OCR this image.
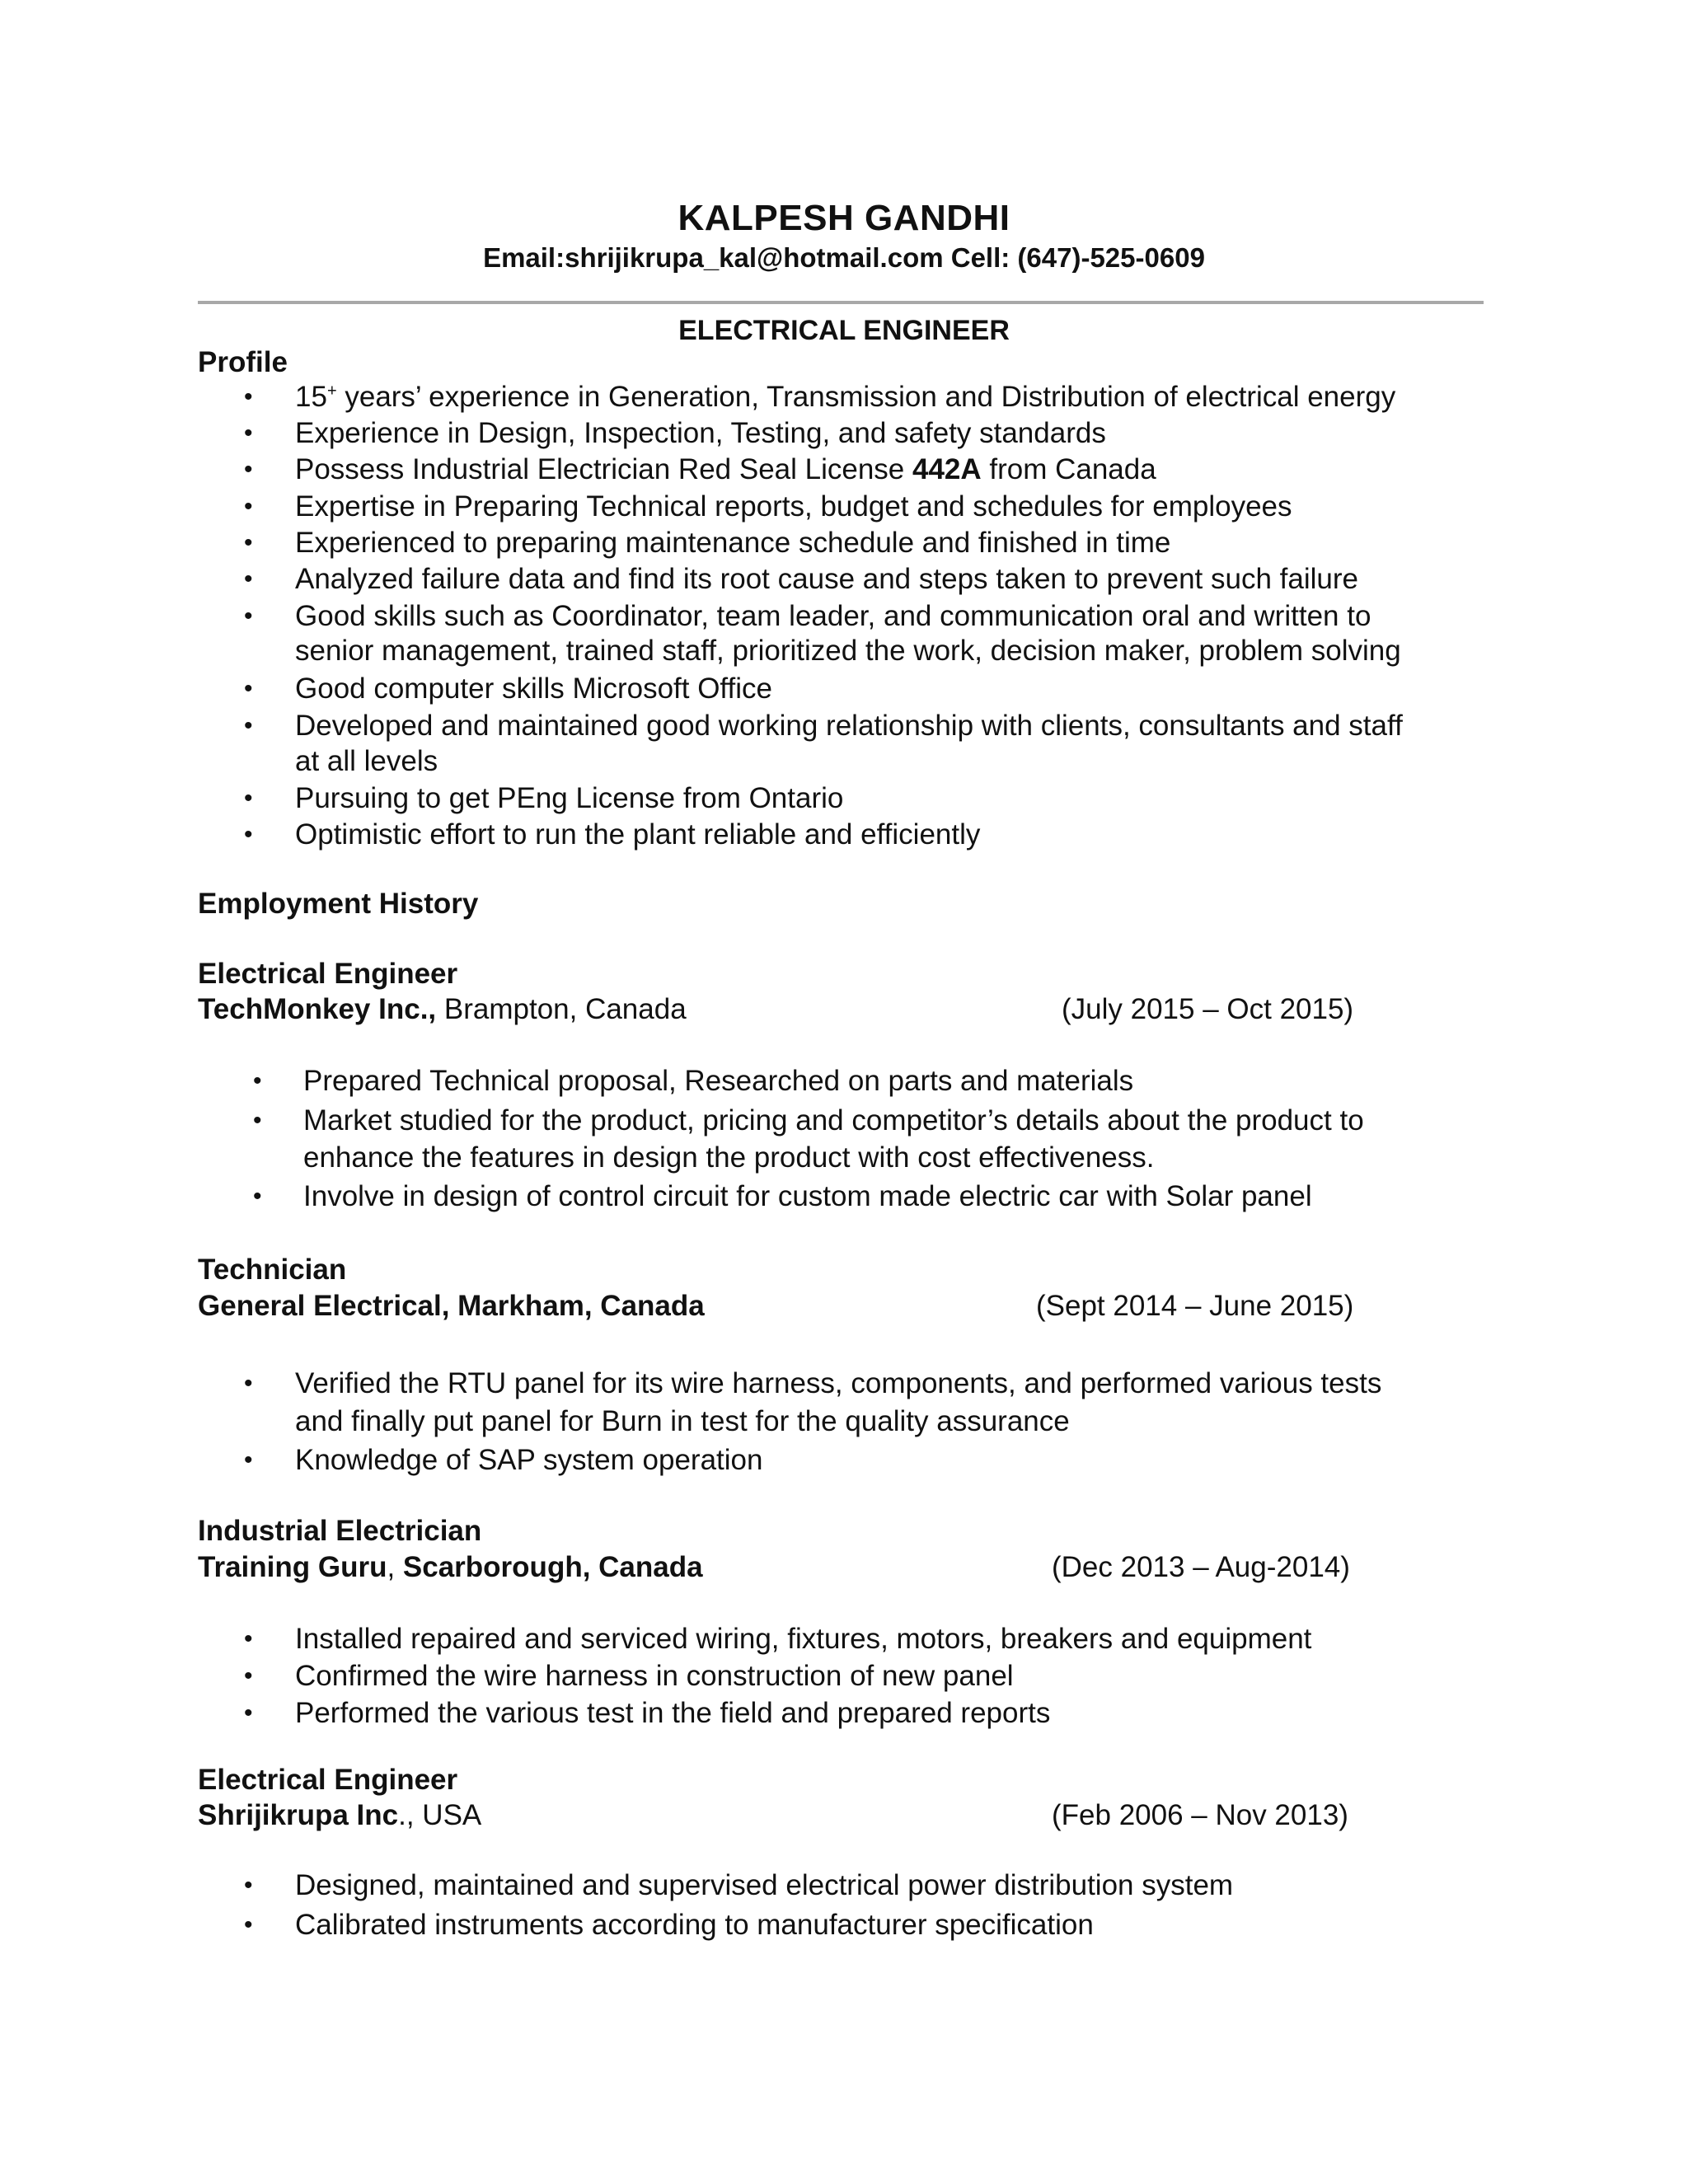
KALPESH GANDHI
Email:shrijikrupa_kal@hotmail.com Cell: (647)-525-0609
ELECTRICAL ENGINEER
Profile
• 15+ years’ experience in Generation, Transmission and Distribution of electrical energy
• Experience in Design, Inspection, Testing, and safety standards
• Possess Industrial Electrician Red Seal License 442A from Canada
• Expertise in Preparing Technical reports, budget and schedules for employees
• Experienced to preparing maintenance schedule and finished in time
• Analyzed failure data and find its root cause and steps taken to prevent such failure
• Good skills such as Coordinator, team leader, and communication oral and written to
senior management, trained staff, prioritized the work, decision maker, problem solving
• Good computer skills Microsoft Office
• Developed and maintained good working relationship with clients, consultants and staff
at all levels
• Pursuing to get PEng License from Ontario
• Optimistic effort to run the plant reliable and efficiently
Employment History
Electrical Engineer
TechMonkey Inc., Brampton, Canada	(July 2015 – Oct 2015)
• Prepared Technical proposal, Researched on parts and materials
• Market studied for the product, pricing and competitor’s details about the product to
enhance the features in design the product with cost effectiveness.
• Involve in design of control circuit for custom made electric car with Solar panel
Technician
General Electrical, Markham, Canada	(Sept 2014 – June 2015)
• Verified the RTU panel for its wire harness, components, and performed various tests
and finally put panel for Burn in test for the quality assurance
• Knowledge of SAP system operation
Industrial Electrician
Training Guru, Scarborough, Canada	(Dec 2013 – Aug-2014)
• Installed repaired and serviced wiring, fixtures, motors, breakers and equipment
• Confirmed the wire harness in construction of new panel
• Performed the various test in the field and prepared reports
Electrical Engineer
Shrijikrupa Inc., USA	(Feb 2006 – Nov 2013)
• Designed, maintained and supervised electrical power distribution system
• Calibrated instruments according to manufacturer specification
